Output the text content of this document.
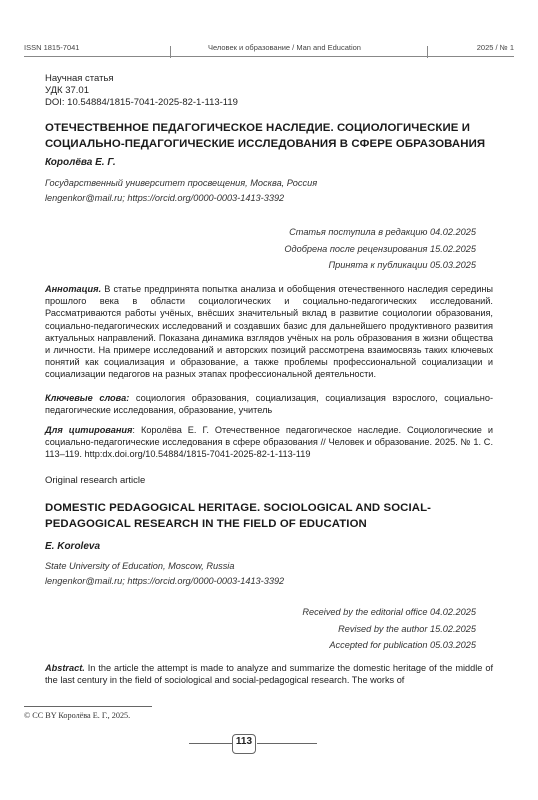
ISSN 1815-7041	Человек и образование / Man and Education	2025 / № 1
Научная статья
УДК 37.01
DOI: 10.54884/1815-7041-2025-82-1-113-119
ОТЕЧЕСТВЕННОЕ ПЕДАГОГИЧЕСКОЕ НАСЛЕДИЕ. СОЦИОЛОГИЧЕСКИЕ И
СОЦИАЛЬНО-ПЕДАГОГИЧЕСКИЕ ИССЛЕДОВАНИЯ В СФЕРЕ ОБРАЗОВАНИЯ
Королёва Е. Г.
Государственный университет просвещения, Москва, Россия
lengenkor@mail.ru; https://orcid.org/0000-0003-1413-3392
Статья поступила в редакцию 04.02.2025
Одобрена после рецензирования 15.02.2025
Принята к публикации 05.03.2025
Аннотация. В статье предпринята попытка анализа и обобщения отечественного наследия середины прошлого века в области социологических и социально-педагогических исследований. Рассматриваются работы учёных, внёсших значительный вклад в развитие социологии образования, социально-педагогических исследований и создавших базис для дальнейшего продуктивного развития актуальных направлений. Показана динамика взглядов учёных на роль образования в жизни общества и личности. На примере исследований и авторских позиций рассмотрена взаимосвязь таких ключевых понятий как социализация и образование, а также проблемы профессиональной социализации и социализации педагогов на разных этапах профессиональной деятельности.
Ключевые слова: социология образования, социализация, социализация взрослого, социально-педагогические исследования, образование, учитель
Для цитирования: Королёва Е. Г. Отечественное педагогическое наследие. Социологические и социально-педагогические исследования в сфере образования // Человек и образование. 2025. № 1. С. 113–119. http:dx.doi.org/10.54884/1815-7041-2025-82-1-113-119
Original research article
DOMESTIC PEDAGOGICAL HERITAGE. SOCIOLOGICAL AND SOCIAL-
PEDAGOGICAL RESEARCH IN THE FIELD OF EDUCATION
E. Koroleva
State University of Education, Moscow, Russia
lengenkor@mail.ru; https://orcid.org/0000-0003-1413-3392
Received by the editorial office 04.02.2025
Revised by the author 15.02.2025
Accepted for publication 05.03.2025
Abstract. In the article the attempt is made to analyze and summarize the domestic heritage of the middle of the last century in the field of sociological and social-pedagogical research. The works of
© CC BY Королёва Е. Г., 2025.
113
